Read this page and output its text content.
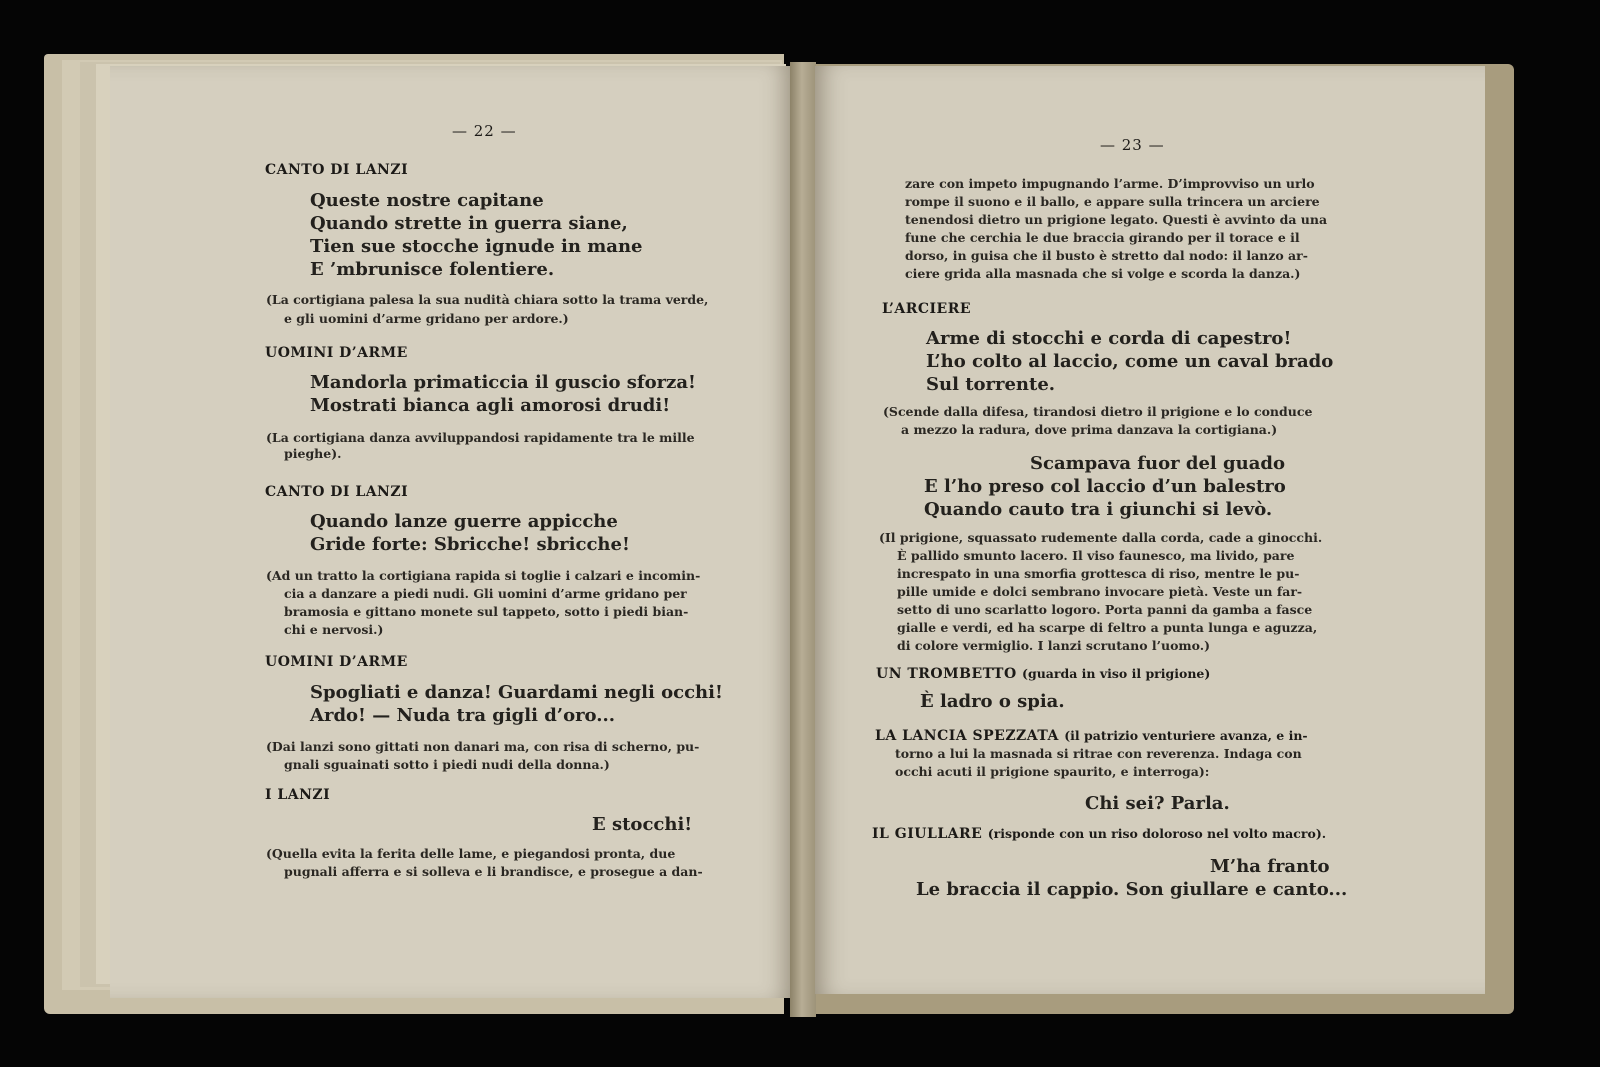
— 22 —
CANTO DI LANZI
Queste nostre capitane
Quando strette in guerra siane,
Tien sue stocche ignude in mane
E ’mbrunisce folentiere.
(La cortigiana palesa la sua nudità chiara sotto la trama verde,
e gli uomini d’arme gridano per ardore.)
UOMINI D’ARME
Mandorla primaticcia il guscio sforza!
Mostrati bianca agli amorosi drudi!
(La cortigiana danza avviluppandosi rapidamente tra le mille
pieghe).
CANTO DI LANZI
Quando lanze guerre appicche
Gride forte: Sbricche! sbricche!
(Ad un tratto la cortigiana rapida si toglie i calzari e incomin-
cia a danzare a piedi nudi. Gli uomini d’arme gridano per
bramosia e gittano monete sul tappeto, sotto i piedi bian-
chi e nervosi.)
UOMINI D’ARME
Spogliati e danza! Guardami negli occhi!
Ardo! — Nuda tra gigli d’oro...
(Dai lanzi sono gittati non danari ma, con risa di scherno, pu-
gnali sguainati sotto i piedi nudi della donna.)
I LANZI
E stocchi!
(Quella evita la ferita delle lame, e piegandosi pronta, due
pugnali afferra e si solleva e li brandisce, e prosegue a dan-
— 23 —
zare con impeto impugnando l’arme. D’improvviso un urlo
rompe il suono e il ballo, e appare sulla trincera un arciere
tenendosi dietro un prigione legato. Questi è avvinto da una
fune che cerchia le due braccia girando per il torace e il
dorso, in guisa che il busto è stretto dal nodo: il lanzo ar-
ciere grida alla masnada che si volge e scorda la danza.)
L’ARCIERE
Arme di stocchi e corda di capestro!
L’ho colto al laccio, come un caval brado
Sul torrente.
(Scende dalla difesa, tirandosi dietro il prigione e lo conduce
a mezzo la radura, dove prima danzava la cortigiana.)
Scampava fuor del guado
E l’ho preso col laccio d’un balestro
Quando cauto tra i giunchi si levò.
(Il prigione, squassato rudemente dalla corda, cade a ginocchi.
È pallido smunto lacero. Il viso faunesco, ma livido, pare
increspato in una smorfia grottesca di riso, mentre le pu-
pille umide e dolci sembrano invocare pietà. Veste un far-
setto di uno scarlatto logoro. Porta panni da gamba a fasce
gialle e verdi, ed ha scarpe di feltro a punta lunga e aguzza,
di colore vermiglio. I lanzi scrutano l’uomo.)
UN TROMBETTO (guarda in viso il prigione)
È ladro o spia.
LA LANCIA SPEZZATA (il patrizio venturiere avanza, e in-
torno a lui la masnada si ritrae con reverenza. Indaga con
occhi acuti il prigione spaurito, e interroga):
Chi sei? Parla.
IL GIULLARE (risponde con un riso doloroso nel volto macro).
M’ha franto
Le braccia il cappio. Son giullare e canto...
